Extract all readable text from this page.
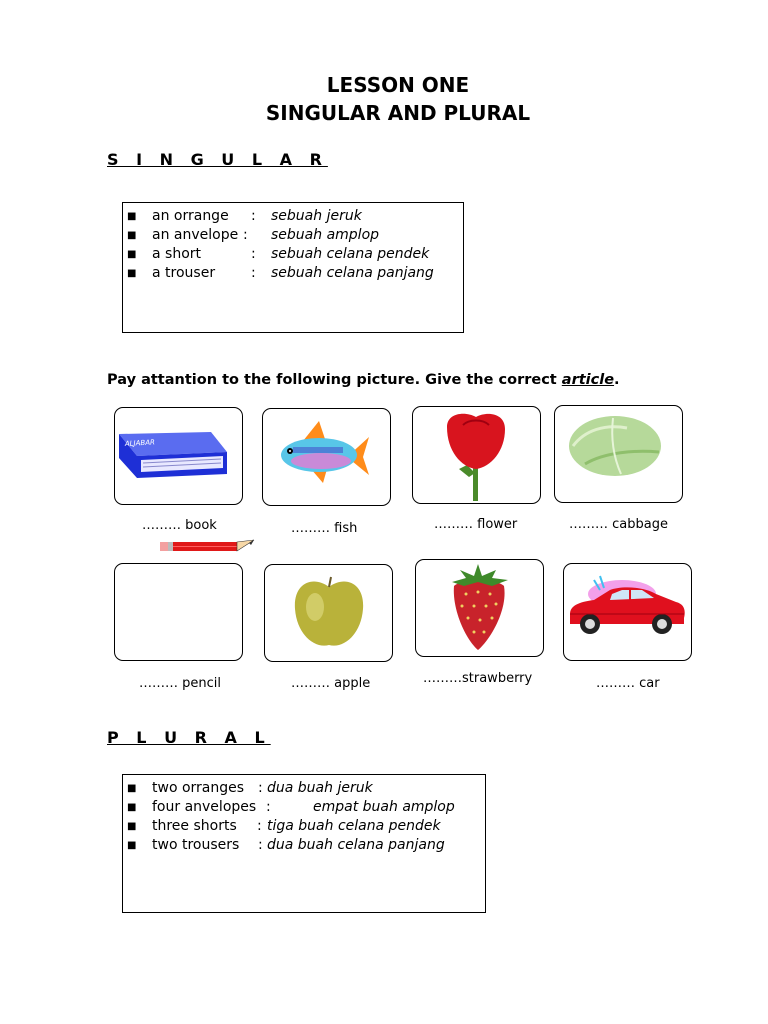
LESSON ONE
SINGULAR AND PLURAL
S I N G U L A R
■ an orrange : sebuah jeruk
■ an anvelope : sebuah amplop
■ a short	: sebuah celana pendek
■ a trouser	: sebuah celana panjang
Pay attantion to the following picture. Give the correct article.
ALJABAR
……… book	……… fish	……… flower	……… cabbage
……… pencil	……… apple	………strawberry	……… car
P L U R A L
■ two orranges : dua buah jeruk
■ four anvelopes :	empat buah amplop
■ three shorts : tiga buah celana pendek
■ two trousers : dua buah celana panjang
